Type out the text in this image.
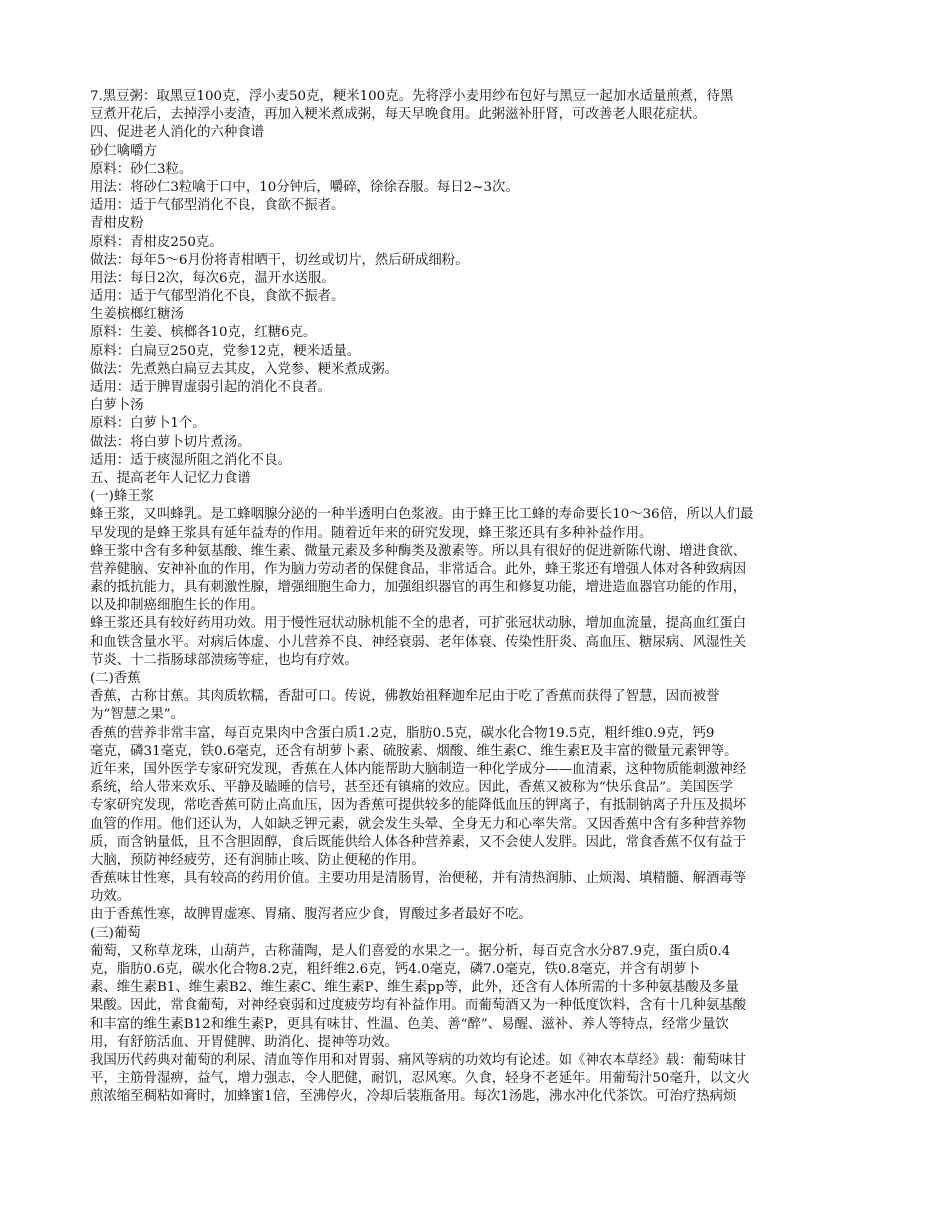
7.黑豆粥：取黑豆100克，浮小麦50克，粳米100克。先将浮小麦用纱布包好与黑豆一起加水适量煎煮，待黑

豆煮开花后，去掉浮小麦渣，再加入粳米煮成粥，每天早晚食用。此粥滋补肝肾，可改善老人眼花症状。

四、促进老人消化的六种食谱

砂仁噙嚼方

原料：砂仁3粒。

用法：将砂仁3粒噙于口中，10分钟后，嚼碎，徐徐吞服。每日2~3次。

适用：适于气郁型消化不良，食欲不振者。

青柑皮粉

原料：青柑皮250克。

做法：每年5～6月份将青柑晒干，切丝或切片，然后研成细粉。

用法：每日2次，每次6克，温开水送服。

适用：适于气郁型消化不良，食欲不振者。

生姜槟榔红糖汤

原料：生姜、槟榔各10克，红糖6克。

原料：白扁豆250克，党参12克，粳米适量。

做法：先煮熟白扁豆去其皮，入党参、粳米煮成粥。

适用：适于脾胃虚弱引起的消化不良者。

白萝卜汤

原料：白萝卜1个。

做法：将白萝卜切片煮汤。

适用：适于痰湿所阻之消化不良。

五、提高老年人记忆力食谱

(一)蜂王浆

蜂王浆，又叫蜂乳。是工蜂咽腺分泌的一种半透明白色浆液。由于蜂王比工蜂的寿命要长10～36倍，所以人们最

早发现的是蜂王浆具有延年益寿的作用。随着近年来的研究发现，蜂王浆还具有多种补益作用。

蜂王浆中含有多种氨基酸、维生素、微量元素及多种酶类及激素等。所以具有很好的促进新陈代谢、增进食欲、

营养健脑、安神补血的作用，作为脑力劳动者的保健食品，非常适合。此外，蜂王浆还有增强人体对各种致病因

素的抵抗能力，具有刺激性腺，增强细胞生命力，加强组织器官的再生和修复功能，增进造血器官功能的作用，

以及抑制癌细胞生长的作用。

蜂王浆还具有较好药用功效。用于慢性冠状动脉机能不全的患者，可扩张冠状动脉，增加血流量，提高血红蛋白

和血铁含量水平。对病后体虚、小儿营养不良、神经衰弱、老年体衰、传染性肝炎、高血压、糖尿病、风湿性关

节炎、十二指肠球部溃疡等症，也均有疗效。

(二)香蕉

香蕉，古称甘蕉。其肉质软糯，香甜可口。传说，佛教始祖释迦牟尼由于吃了香蕉而获得了智慧，因而被誉

为“智慧之果”。

香蕉的营养非常丰富，每百克果肉中含蛋白质1.2克，脂肪0.5克，碳水化合物19.5克，粗纤维0.9克，钙9

毫克，磷31毫克，铁0.6毫克，还含有胡萝卜素、硫胺素、烟酸、维生素C、维生素E及丰富的微量元素钾等。

近年来，国外医学专家研究发现，香蕉在人体内能帮助大脑制造一种化学成分——血清素，这种物质能刺激神经

系统，给人带来欢乐、平静及瞌睡的信号，甚至还有镇痛的效应。因此，香蕉又被称为“快乐食品”。美国医学

专家研究发现，常吃香蕉可防止高血压，因为香蕉可提供较多的能降低血压的钾离子，有抵制钠离子升压及损坏

血管的作用。他们还认为，人如缺乏钾元素，就会发生头晕、全身无力和心率失常。又因香蕉中含有多种营养物

质，而含钠量低，且不含胆固醇，食后既能供给人体各种营养素，又不会使人发胖。因此，常食香蕉不仅有益于

大脑，预防神经疲劳，还有润肺止咳、防止便秘的作用。

香蕉味甘性寒，具有较高的药用价值。主要功用是清肠胃，治便秘，并有清热润肺、止烦渴、填精髓、解酒毒等

功效。

由于香蕉性寒，故脾胃虚寒、胃痛、腹泻者应少食，胃酸过多者最好不吃。

(三)葡萄

葡萄，又称草龙珠，山葫芦，古称蒲陶，是人们喜爱的水果之一。据分析，每百克含水分87.9克，蛋白质0.4

克，脂肪0.6克，碳水化合物8.2克，粗纤维2.6克，钙4.0毫克，磷7.0毫克，铁0.8毫克，并含有胡萝卜

素、维生素B1、维生素B2、维生素C、维生素P、维生素pp等，此外，还含有人体所需的十多种氨基酸及多量

果酸。因此，常食葡萄，对神经衰弱和过度疲劳均有补益作用。而葡萄酒又为一种低度饮料，含有十几种氨基酸

和丰富的维生素B12和维生素P，更具有味甘、性温、色美、善“醉”、易醒、滋补、养人等特点，经常少量饮

用，有舒筋活血、开胃健脾、助消化、提神等功效。

我国历代药典对葡萄的利尿、清血等作用和对胃弱、痛风等病的功效均有论述。如《神农本草经》载：葡萄味甘

平，主筋骨湿痹，益气，增力强志，令人肥健，耐饥，忍风寒。久食，轻身不老延年。用葡萄汁50毫升，以文火

煎浓缩至稠粘如膏时，加蜂蜜1倍，至沸停火，冷却后装瓶备用。每次1汤匙，沸水冲化代茶饮。可治疗热病烦
